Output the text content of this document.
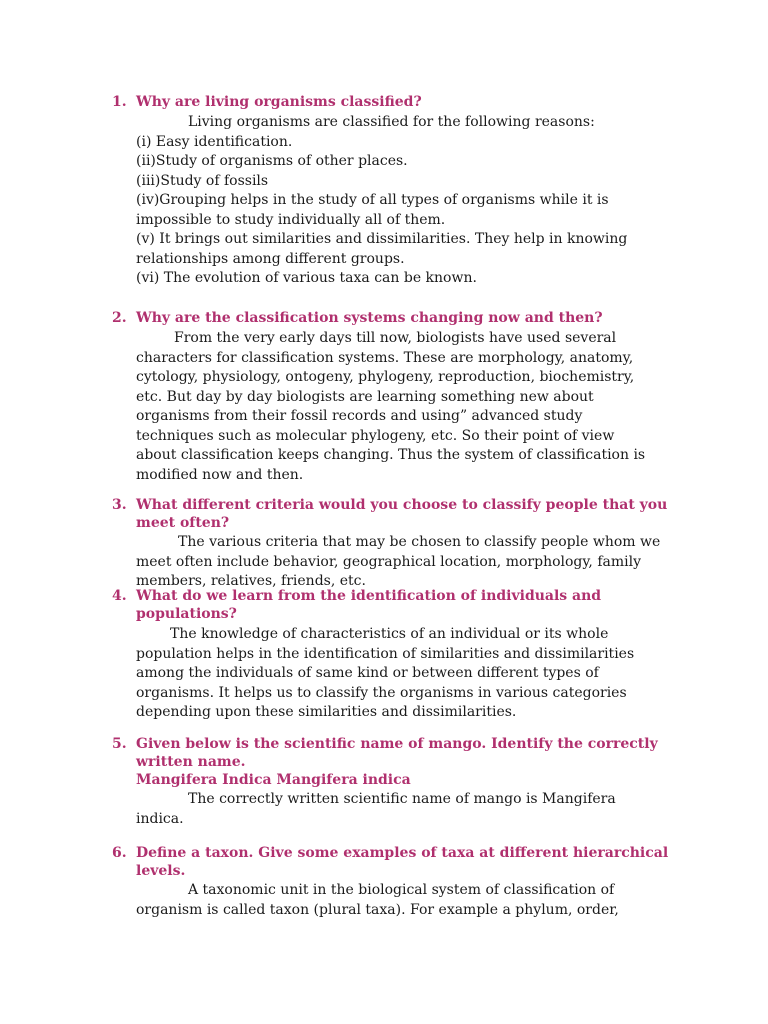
1. Why are living organisms classified?
Living organisms are classified for the following reasons:
(i) Easy identification.
(ii)Study of organisms of other places.
(iii)Study of fossils
(iv)Grouping helps in the study of all types of organisms while it is
impossible to study individually all of them.
(v) It brings out similarities and dissimilarities. They help in knowing
relationships among different groups.
(vi) The evolution of various taxa can be known.
2. Why are the classification systems changing now and then?
From the very early days till now, biologists have used several
characters for classification systems. These are morphology, anatomy,
cytology, physiology, ontogeny, phylogeny, reproduction, biochemistry,
etc. But day by day biologists are learning something new about
organisms from their fossil records and using” advanced study
techniques such as molecular phylogeny, etc. So their point of view
about classification keeps changing. Thus the system of classification is
modified now and then.
3. What different criteria would you choose to classify people that you
meet often?
The various criteria that may be chosen to classify people whom we
meet often include behavior, geographical location, morphology, family
members, relatives, friends, etc.
4. What do we learn from the identification of individuals and
populations?
The knowledge of characteristics of an individual or its whole
population helps in the identification of similarities and dissimilarities
among the individuals of same kind or between different types of
organisms. It helps us to classify the organisms in various categories
depending upon these similarities and dissimilarities.
5. Given below is the scientific name of mango. Identify the correctly
written name.
Mangifera Indica Mangifera indica
The correctly written scientific name of mango is Mangifera
indica.
6. Define a taxon. Give some examples of taxa at different hierarchical
levels.
A taxonomic unit in the biological system of classification of
organism is called taxon (plural taxa). For example a phylum, order,
